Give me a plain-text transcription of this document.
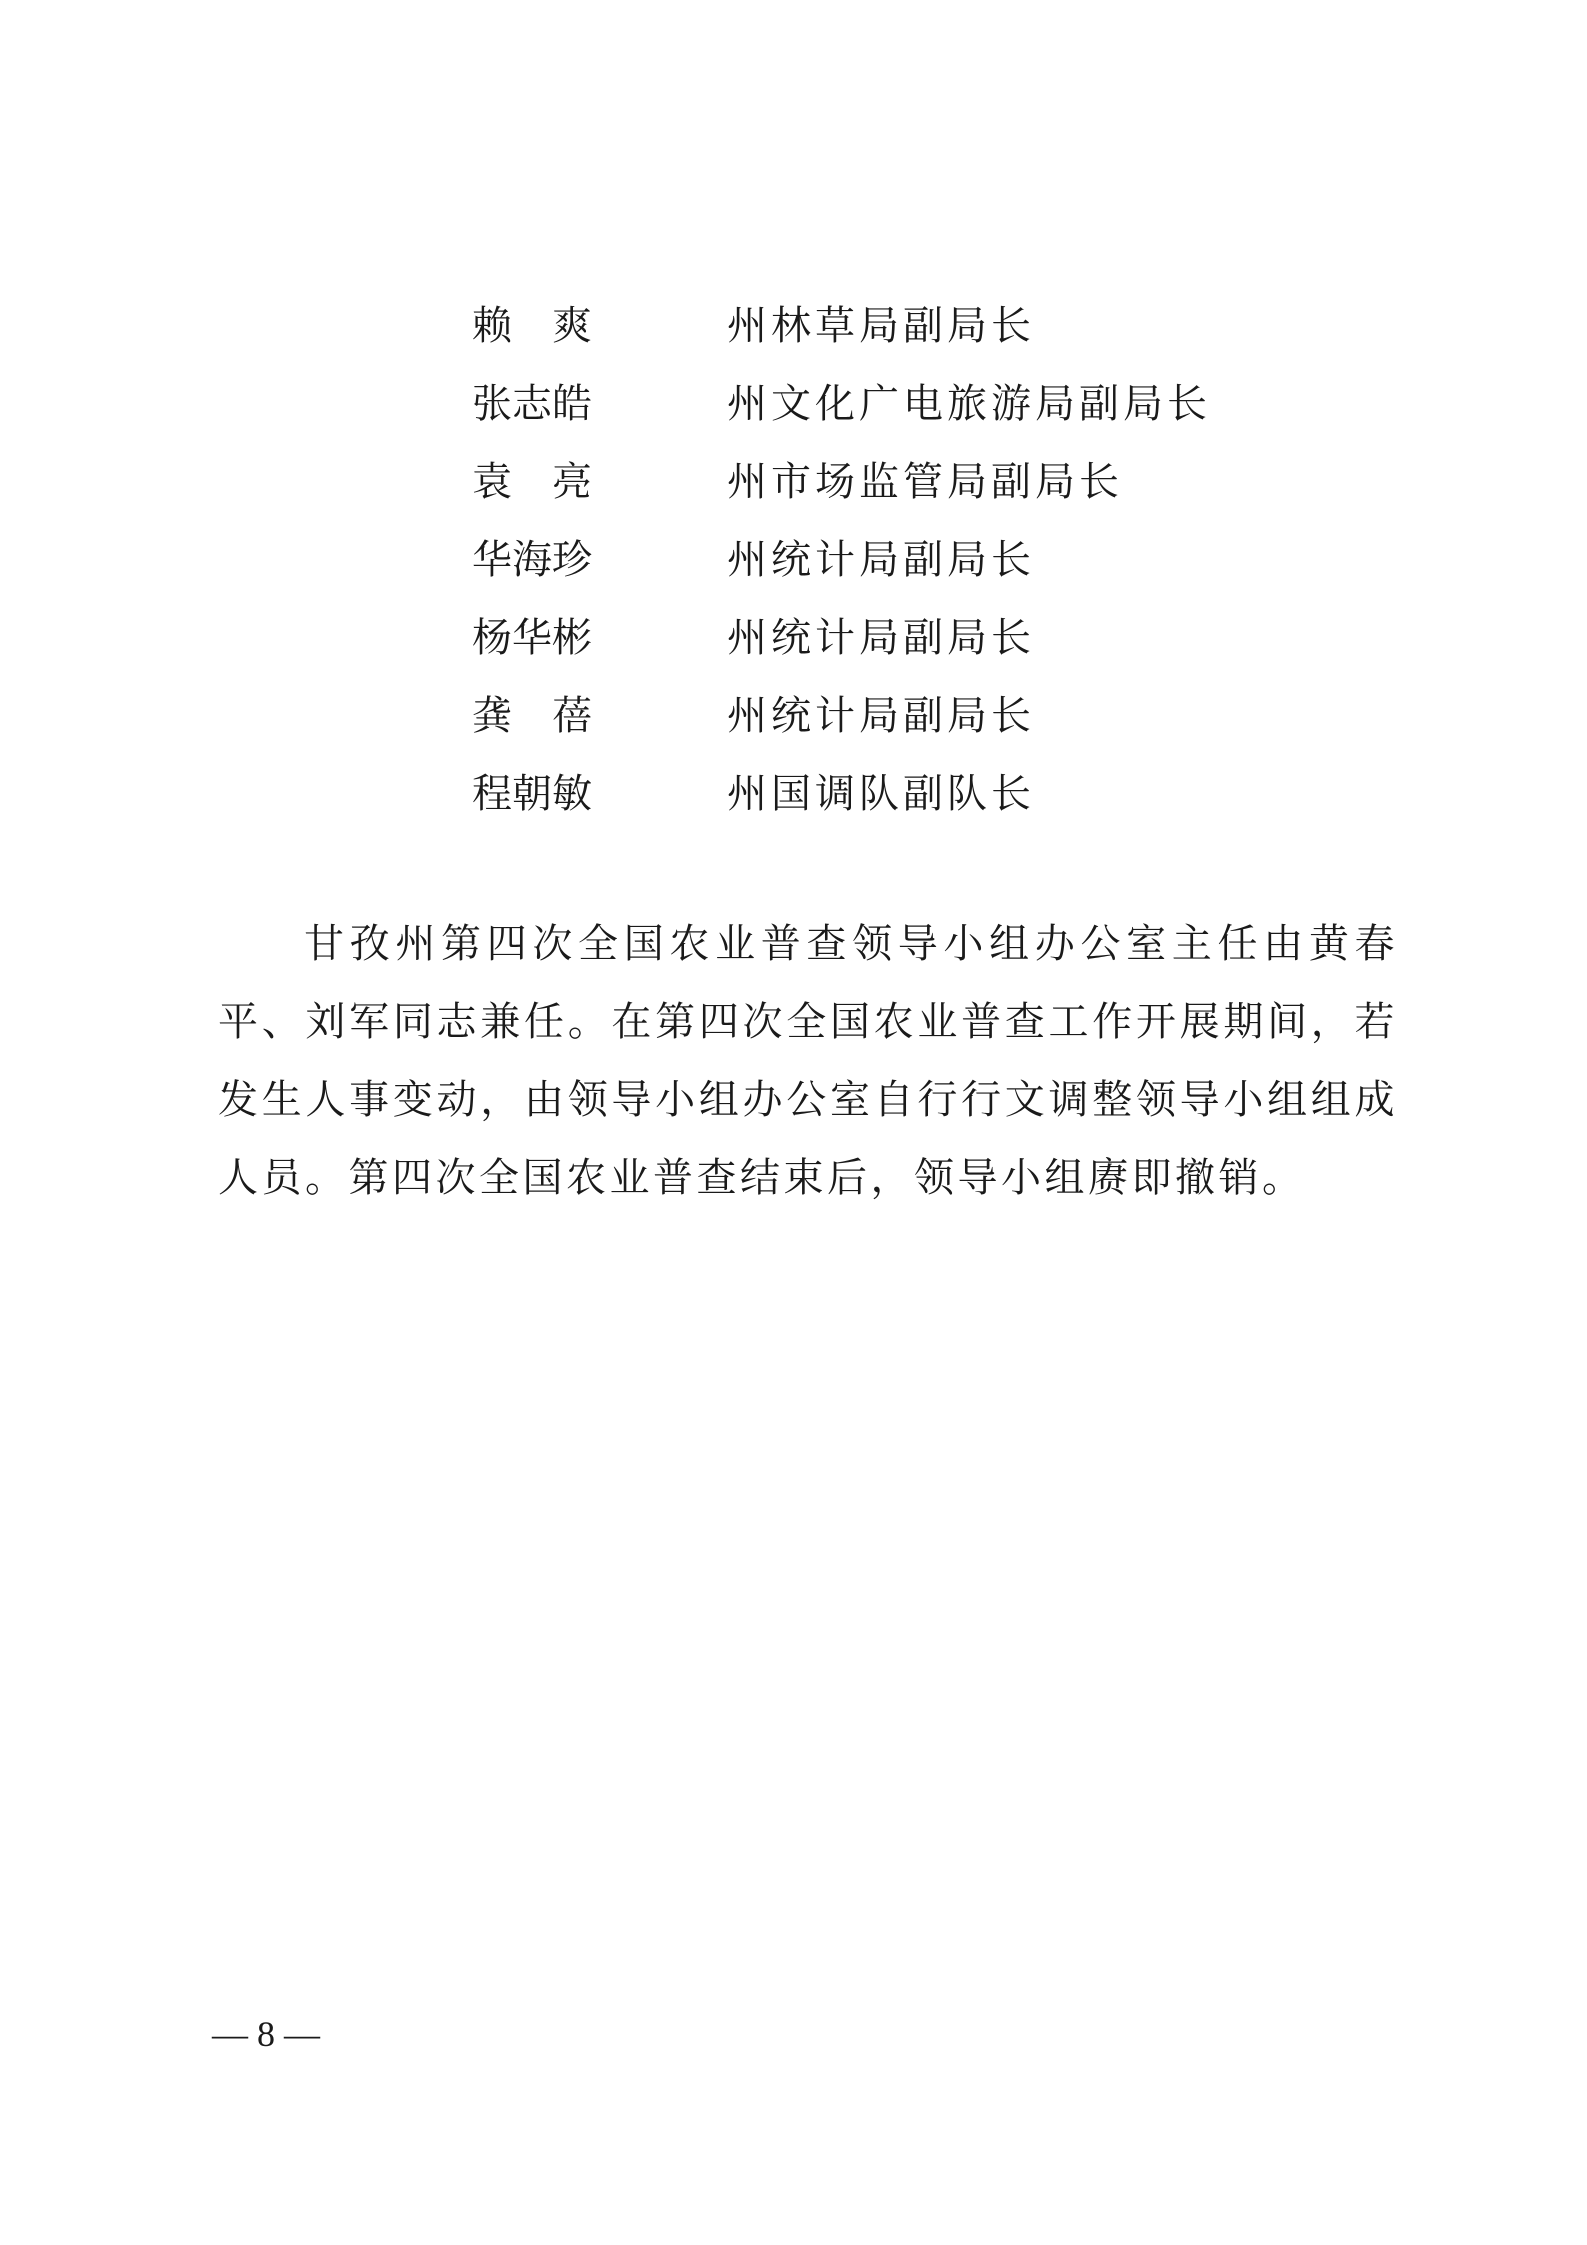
赖　爽	州林草局副局长
张志皓	州文化广电旅游局副局长
袁　亮	州市场监管局副局长
华海珍	州统计局副局长
杨华彬	州统计局副局长
龚　蓓	州统计局副局长
程朝敏	州国调队副队长

甘孜州第四次全国农业普查领导小组办公室主任由黄春平、刘军同志兼任。在第四次全国农业普查工作开展期间，若发生人事变动，由领导小组办公室自行行文调整领导小组组成人员。第四次全国农业普查结束后，领导小组赓即撤销。

— 8 —
